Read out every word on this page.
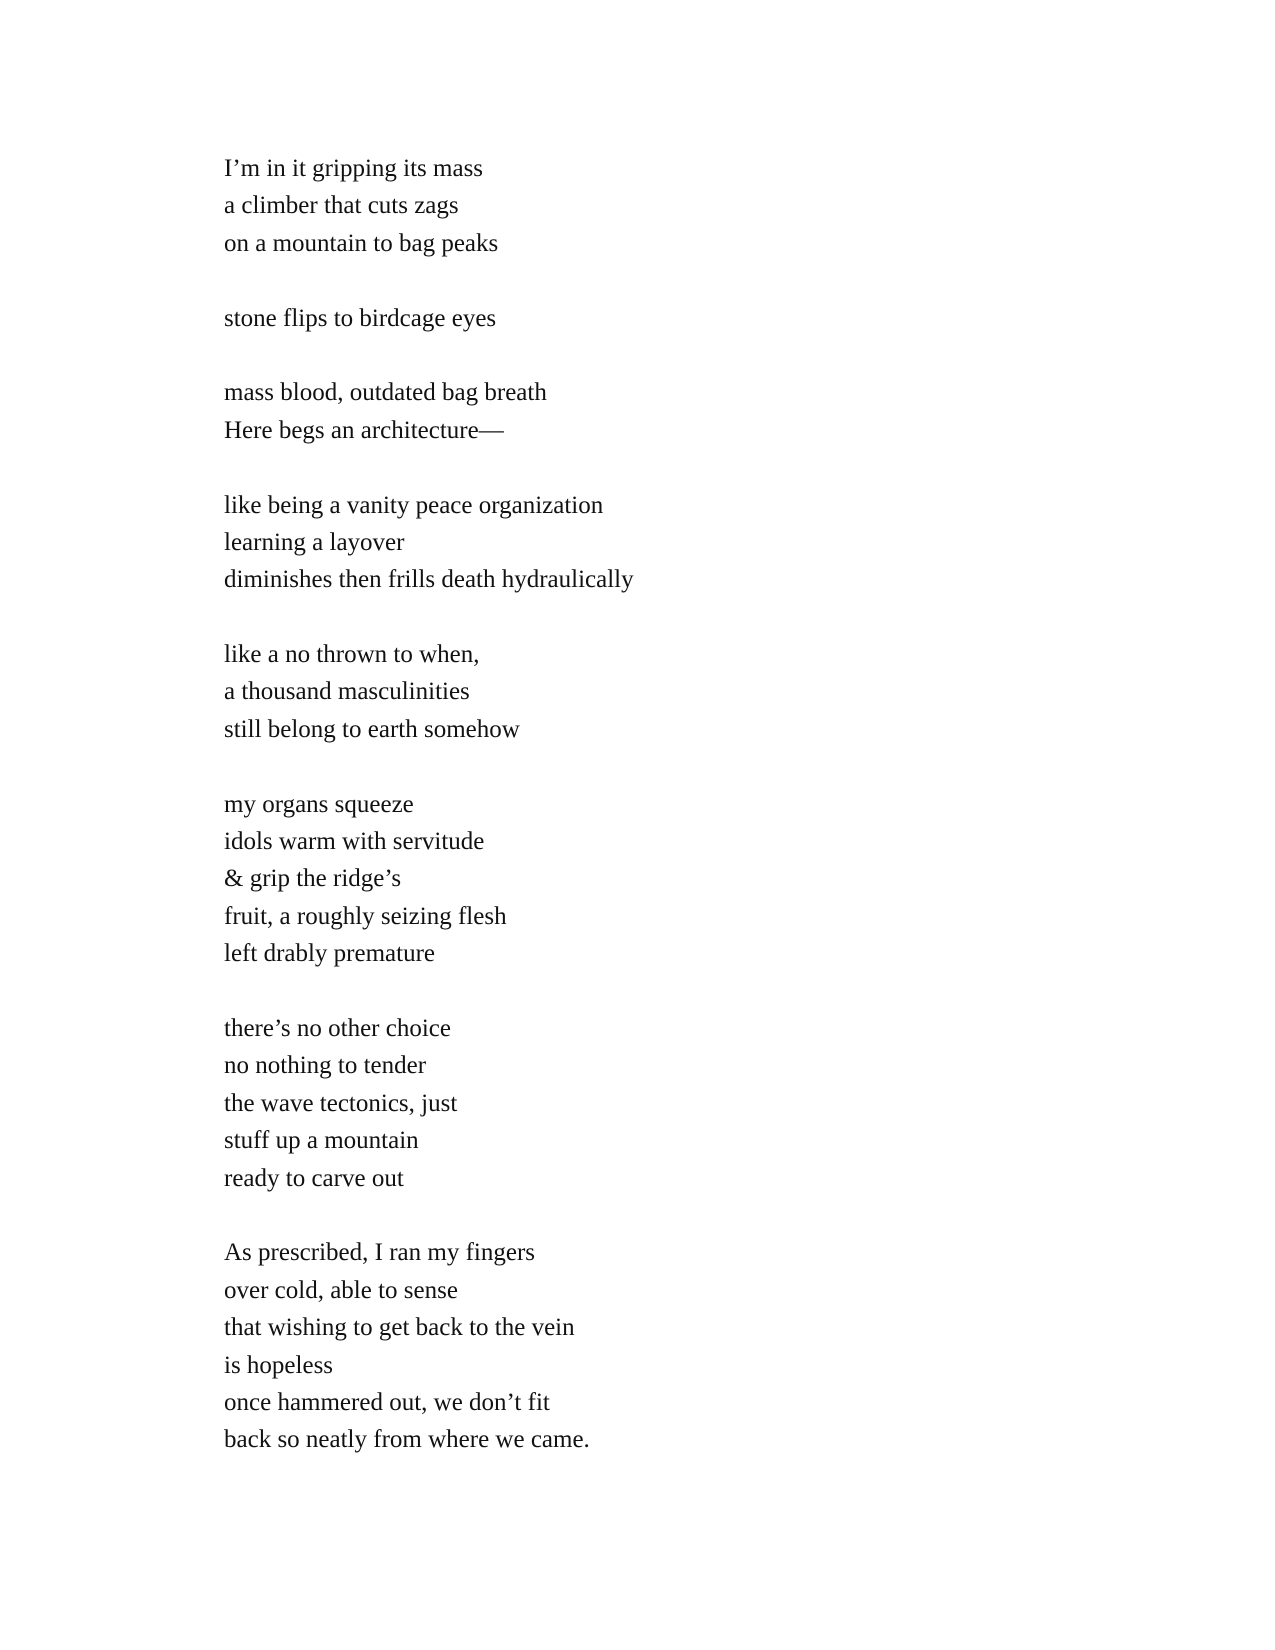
I’m in it gripping its mass
a climber that cuts zags
on a mountain to bag peaks
stone flips to birdcage eyes
mass blood, outdated bag breath
Here begs an architecture—
like being a vanity peace organization
learning a layover
diminishes then frills death hydraulically
like a no thrown to when,
a thousand masculinities
still belong to earth somehow
my organs squeeze
idols warm with servitude
& grip the ridge’s
fruit, a roughly seizing flesh
left drably premature
there’s no other choice
no nothing to tender
the wave tectonics, just
stuff up a mountain
ready to carve out
As prescribed, I ran my fingers
over cold, able to sense
that wishing to get back to the vein
is hopeless
once hammered out, we don’t fit
back so neatly from where we came.
